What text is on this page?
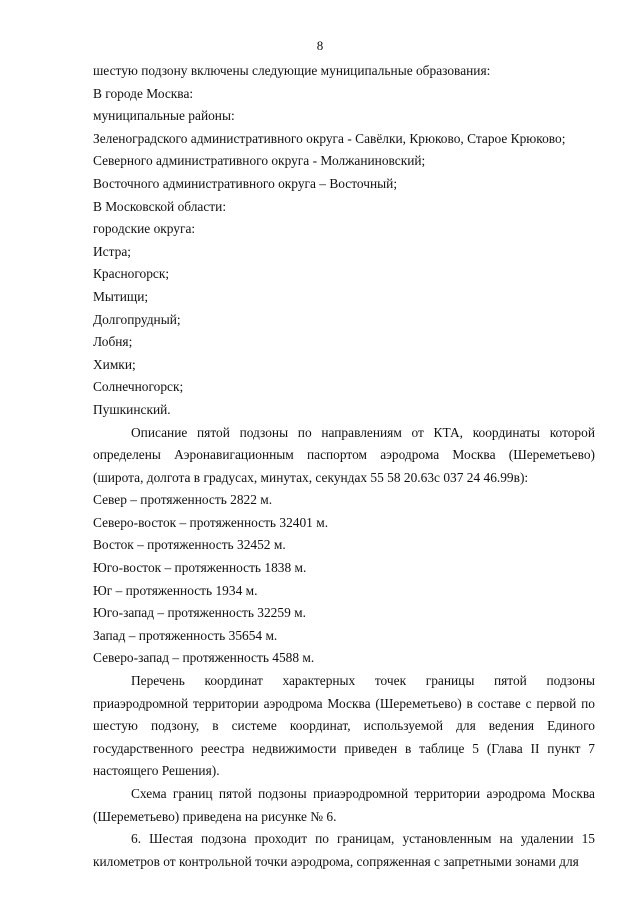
8

шестую подзону включены следующие муниципальные образования:

В городе Москва:

муниципальные районы:

Зеленоградского административного округа - Савёлки, Крюково, Старое Крюково;

Северного административного округа - Молжаниновский;

Восточного административного округа – Восточный;

В Московской области:

городские округа:

Истра;

Красногорск;

Мытищи;

Долгопрудный;

Лобня;

Химки;

Солнечногорск;

Пушкинский.

Описание пятой подзоны по направлениям от КТА, координаты которой определены Аэронавигационным паспортом аэродрома Москва (Шереметьево) (широта, долгота в градусах, минутах, секундах 55 58 20.63с 037 24 46.99в):

Север – протяженность 2822 м.

Северо-восток – протяженность 32401 м.

Восток – протяженность 32452 м.

Юго-восток – протяженность 1838 м.

Юг – протяженность 1934 м.

Юго-запад – протяженность 32259 м.

Запад – протяженность 35654 м.

Северо-запад – протяженность 4588 м.

Перечень координат характерных точек границы пятой подзоны приаэродромной территории аэродрома Москва (Шереметьево) в составе с первой по шестую подзону, в системе координат, используемой для ведения Единого государственного реестра недвижимости приведен в таблице 5 (Глава II пункт 7 настоящего Решения).

Схема границ пятой подзоны приаэродромной территории аэродрома Москва (Шереметьево) приведена на рисунке № 6.

6. Шестая подзона проходит по границам, установленным на удалении 15 километров от контрольной точки аэродрома, сопряженная с запретными зонами для
